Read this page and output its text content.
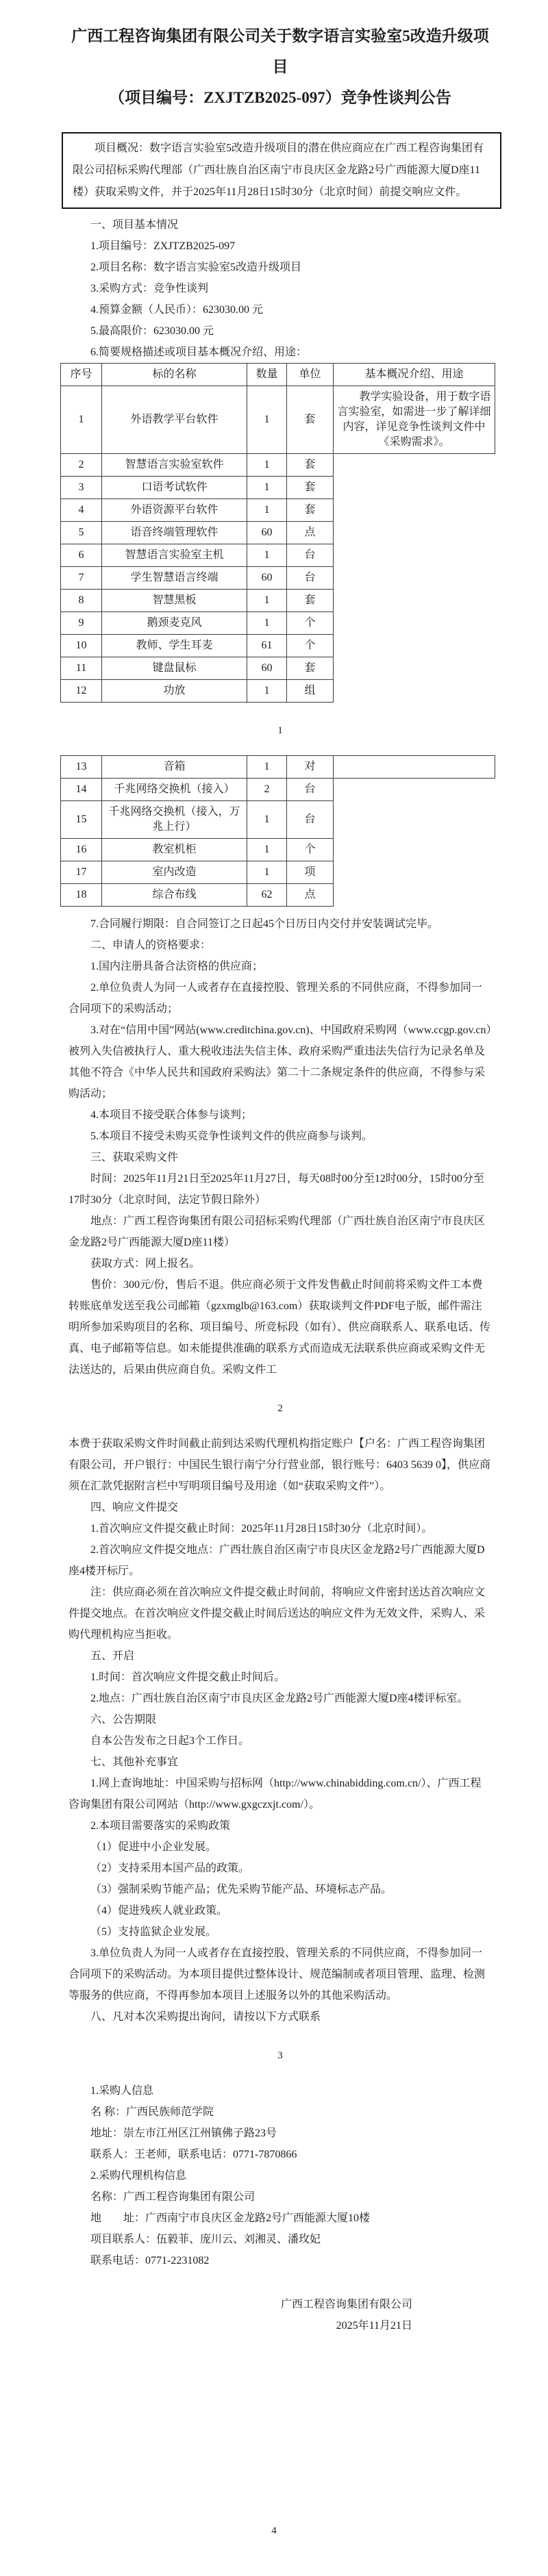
广西工程咨询集团有限公司关于数字语言实验室5改造升级项目
（项目编号：ZXJTZB2025-097）竞争性谈判公告

项目概况：数字语言实验室5改造升级项目的潜在供应商应在广西工程咨询集团有限公司招标采购代理部（广西壮族自治区南宁市良庆区金龙路2号广西能源大厦D座11楼）获取采购文件，并于2025年11月28日15时30分（北京时间）前提交响应文件。

一、项目基本情况

1.项目编号：ZXJTZB2025-097

2.项目名称：数字语言实验室5改造升级项目

3.采购方式：竞争性谈判

4.预算金额（人民币）：623030.00 元

5.最高限价：623030.00 元

6.简要规格描述或项目基本概况介绍、用途：

序号	标的名称	数量	单位	基本概况介绍、用途
1	外语教学平台软件	1	套	教学实验设备，用于数字语言实验室，如需进一步了解详细内容，详见竞争性谈判文件中《采购需求》。
2	智慧语言实验室软件	1	套	
3	口语考试软件	1	套	
4	外语资源平台软件	1	套	
5	语音终端管理软件	60	点	
6	智慧语言实验室主机	1	台	
7	学生智慧语言终端	60	台	
8	智慧黑板	1	套	
9	鹅颈麦克风	1	个	
10	教师、学生耳麦	61	个	
11	键盘鼠标	60	套	
12	功放	1	组	
1
13	音箱	1	对	
14	千兆网络交换机（接入）	2	台	
15	千兆网络交换机（接入，万兆上行）	1	台	
16	教室机柜	1	个	
17	室内改造	1	项	
18	综合布线	62	点	

7.合同履行期限：自合同签订之日起45个日历日内交付并安装调试完毕。

二、申请人的资格要求：

1.国内注册具备合法资格的供应商；

2.单位负责人为同一人或者存在直接控股、管理关系的不同供应商，不得参加同一合同项下的采购活动；

3.对在“信用中国”网站(www.creditchina.gov.cn)、中国政府采购网（www.ccgp.gov.cn）被列入失信被执行人、重大税收违法失信主体、政府采购严重违法失信行为记录名单及其他不符合《中华人民共和国政府采购法》第二十二条规定条件的供应商，不得参与采购活动；

4.本项目不接受联合体参与谈判；

5.本项目不接受未购买竞争性谈判文件的供应商参与谈判。

三、获取采购文件

时间：2025年11月21日至2025年11月27日，每天08时00分至12时00分，15时00分至17时30分（北京时间，法定节假日除外）

地点：广西工程咨询集团有限公司招标采购代理部（广西壮族自治区南宁市良庆区金龙路2号广西能源大厦D座11楼）

获取方式：网上报名。

售价：300元/份，售后不退。供应商必须于文件发售截止时间前将采购文件工本费转账底单发送至我公司邮箱（gzxmglb@163.com）获取谈判文件PDF电子版，邮件需注明所参加采购项目的名称、项目编号、所竞标段（如有）、供应商联系人、联系电话、传真、电子邮箱等信息。如未能提供准确的联系方式而造成无法联系供应商或采购文件无法送达的，后果由供应商自负。采购文件工

2

本费于获取采购文件时间截止前到达采购代理机构指定账户【户名：广西工程咨询集团有限公司，开户银行：中国民生银行南宁分行营业部，银行账号：6403 5639 0】，供应商须在汇款凭据附言栏中写明项目编号及用途（如“获取采购文件”）。

四、响应文件提交

1.首次响应文件提交截止时间：2025年11月28日15时30分（北京时间）。

2.首次响应文件提交地点：广西壮族自治区南宁市良庆区金龙路2号广西能源大厦D座4楼开标厅。

注：供应商必须在首次响应文件提交截止时间前，将响应文件密封送达首次响应文件提交地点。在首次响应文件提交截止时间后送达的响应文件为无效文件，采购人、采购代理机构应当拒收。

五、开启

1.时间：首次响应文件提交截止时间后。

2.地点：广西壮族自治区南宁市良庆区金龙路2号广西能源大厦D座4楼评标室。

六、公告期限

自本公告发布之日起3个工作日。

七、其他补充事宜

1.网上查询地址：中国采购与招标网（http://www.chinabidding.com.cn/）、广西工程咨询集团有限公司网站（http://www.gxgczxjt.com/）。

2.本项目需要落实的采购政策

（1）促进中小企业发展。

（2）支持采用本国产品的政策。

（3）强制采购节能产品；优先采购节能产品、环境标志产品。

（4）促进残疾人就业政策。

（5）支持监狱企业发展。

3.单位负责人为同一人或者存在直接控股、管理关系的不同供应商，不得参加同一合同项下的采购活动。为本项目提供过整体设计、规范编制或者项目管理、监理、检测等服务的供应商，不得再参加本项目上述服务以外的其他采购活动。

八、凡对本次采购提出询问，请按以下方式联系

3

1.采购人信息

名 称：广西民族师范学院

地址：崇左市江州区江州镇佛子路23号

联系人：王老师，联系电话：0771-7870866

2.采购代理机构信息

名称：广西工程咨询集团有限公司

地　　址：广西南宁市良庆区金龙路2号广西能源大厦10楼

项目联系人：伍毅菲、庞川云、刘湘灵、潘玫妃

联系电话：0771-2231082

广西工程咨询集团有限公司

2025年11月21日

4
